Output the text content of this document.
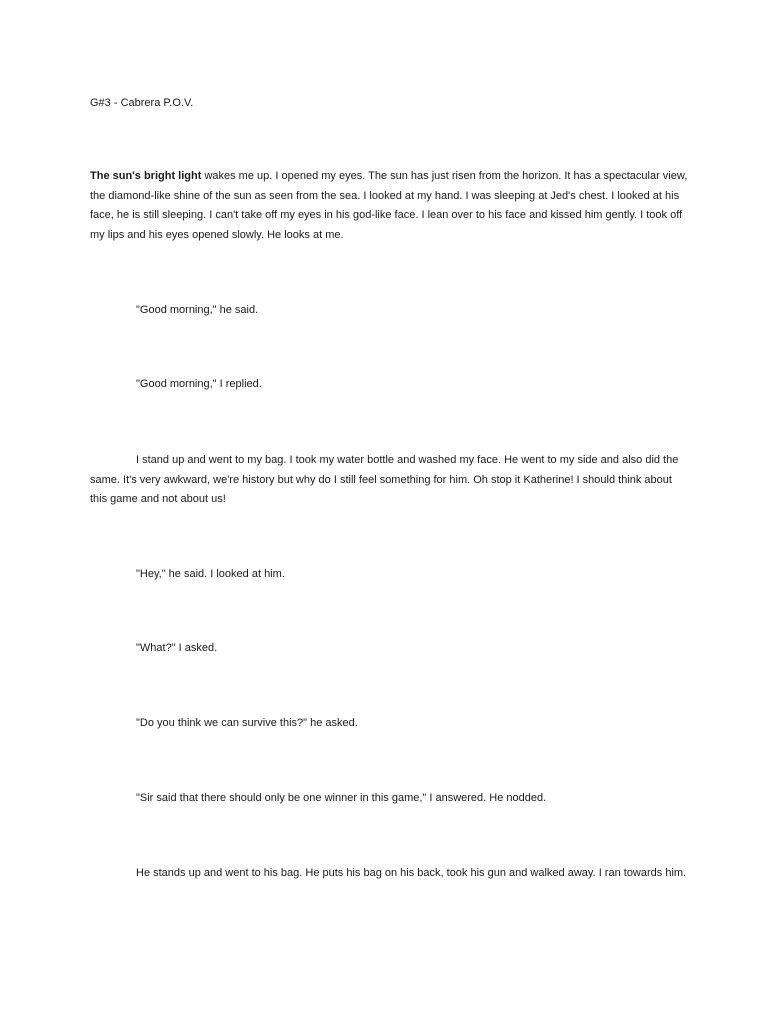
G#3 - Cabrera P.O.V.

The sun's bright light wakes me up. I opened my eyes. The sun has just risen from the horizon. It has a spectacular view, the diamond-like shine of the sun as seen from the sea. I looked at my hand. I was sleeping at Jed's chest. I looked at his face, he is still sleeping. I can't take off my eyes in his god-like face. I lean over to his face and kissed him gently. I took off my lips and his eyes opened slowly. He looks at me.

"Good morning," he said.

"Good morning," I replied.

I stand up and went to my bag. I took my water bottle and washed my face. He went to my side and also did the same. It's very awkward, we're history but why do I still feel something for him. Oh stop it Katherine! I should think about this game and not about us!

"Hey," he said. I looked at him.

"What?" I asked.

"Do you think we can survive this?" he asked.

"Sir said that there should only be one winner in this game," I answered. He nodded.

He stands up and went to his bag. He puts his bag on his back, took his gun and walked away. I ran towards him.
